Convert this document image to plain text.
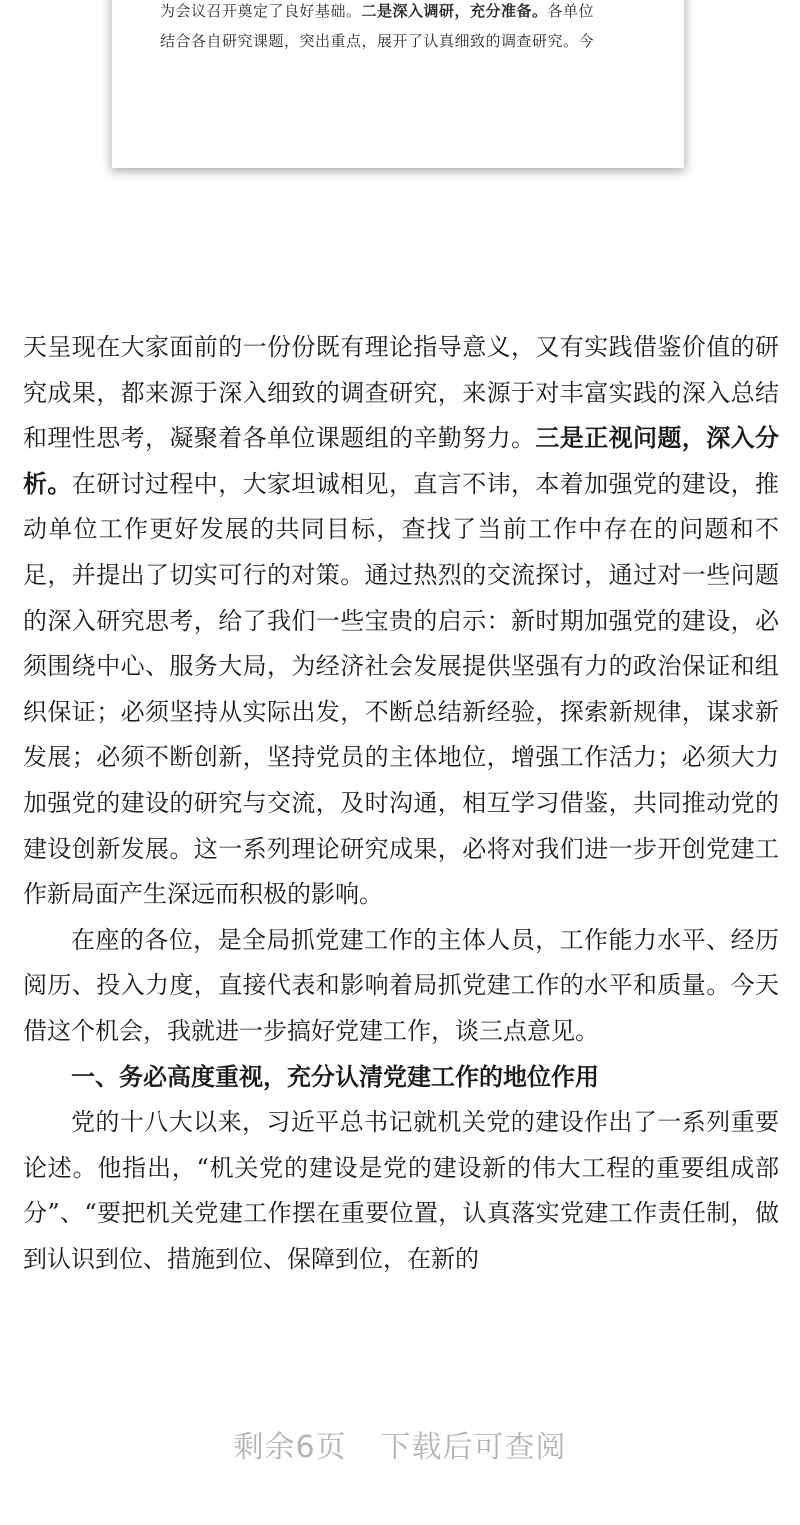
为会议召开奠定了良好基础。二是深入调研，充分准备。各单位
结合各自研究课题，突出重点，展开了认真细致的调查研究。今

天呈现在大家面前的一份份既有理论指导意义，又有实践借鉴价值的研究成果，都来源于深入细致的调查研究，来源于对丰富实践的深入总结和理性思考，凝聚着各单位课题组的辛勤努力。三是正视问题，深入分析。在研讨过程中，大家坦诚相见，直言不讳，本着加强党的建设，推动单位工作更好发展的共同目标，查找了当前工作中存在的问题和不足，并提出了切实可行的对策。通过热烈的交流探讨，通过对一些问题的深入研究思考，给了我们一些宝贵的启示：新时期加强党的建设，必须围绕中心、服务大局，为经济社会发展提供坚强有力的政治保证和组织保证；必须坚持从实际出发，不断总结新经验，探索新规律，谋求新发展；必须不断创新，坚持党员的主体地位，增强工作活力；必须大力加强党的建设的研究与交流，及时沟通，相互学习借鉴，共同推动党的建设创新发展。这一系列理论研究成果，必将对我们进一步开创党建工作新局面产生深远而积极的影响。

在座的各位，是全局抓党建工作的主体人员，工作能力水平、经历阅历、投入力度，直接代表和影响着局抓党建工作的水平和质量。今天借这个机会，我就进一步搞好党建工作，谈三点意见。

一、务必高度重视，充分认清党建工作的地位作用

党的十八大以来，习近平总书记就机关党的建设作出了一系列重要论述。他指出，“机关党的建设是党的建设新的伟大工程的重要组成部分”、“要把机关党建工作摆在重要位置，认真落实党建工作责任制，做到认识到位、措施到位、保障到位，在新的

剩余6页 下载后可查阅
